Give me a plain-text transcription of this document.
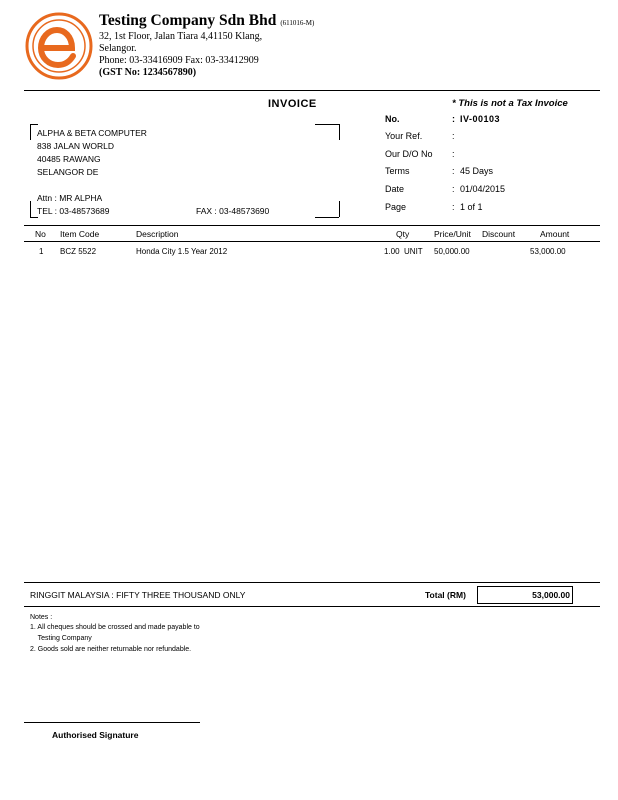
Testing Company Sdn Bhd (611016-M)
32, 1st Floor, Jalan Tiara 4,41150 Klang,
Selangor.
Phone: 03-33416909 Fax: 03-33412909
(GST No: 1234567890)
INVOICE	* This is not a Tax Invoice
ALPHA & BETA COMPUTER
838 JALAN WORLD
40485 RAWANG
SELANGOR DE
Attn : MR ALPHA
TEL : 03-48573689	FAX : 03-48573690
No.	: IV-00103
Your Ref.	:
Our D/O No :
Terms	: 45 Days
Date	: 01/04/2015
Page	: 1 of 1
No Item Code	Description	Qty	Price/Unit Discount	Amount
1 BCZ 5522	Honda City 1.5 Year 2012	1.00  UNIT 50,000.00	53,000.00
RINGGIT MALAYSIA : FIFTY THREE THOUSAND ONLY	Total (RM)	53,000.00
Notes :
1. All cheques should be crossed and made payable to
Testing Company
2. Goods sold are neither returnable nor refundable.
Authorised Signature
